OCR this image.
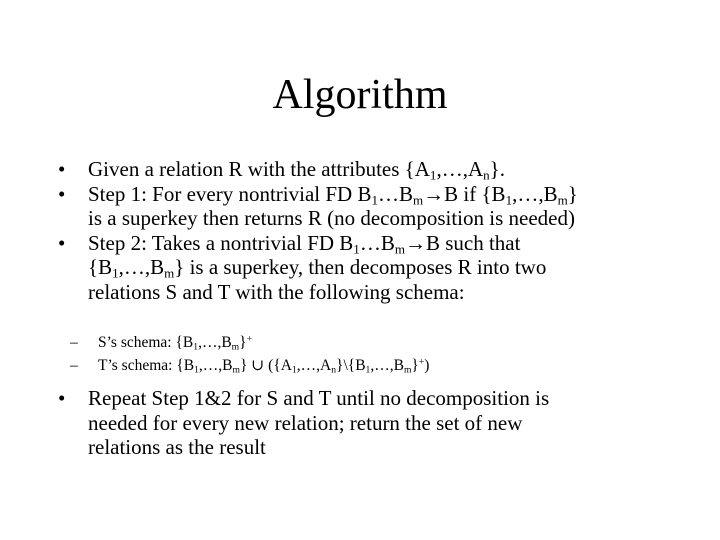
Algorithm
• Given a relation R with the attributes $\{A_1,\dots,A_n\}$.
• Step 1: For every nontrivial FD $B_1\dots B_m\to B$ if $\{B_1,\dots,B_m\}$
is a superkey then returns R (no decomposition is needed)
• Step 2: Takes a nontrivial FD $B_1\dots B_m\to B$ such that
$\{B_1,\dots,B_m\}$ is a superkey, then decomposes R into two
relations S and T with the following schema:
– S’s schema: $\{B_1,\dots,B_m\}^+$
– T’s schema: $\{B_1,\dots,B_m\}$ ∪ $(\{A_1,\dots,A_n\}\backslash\{B_1,\dots,B_m\}^+)$
• Repeat Step 1&2 for S and T until no decomposition is
needed for every new relation; return the set of new
relations as the result
